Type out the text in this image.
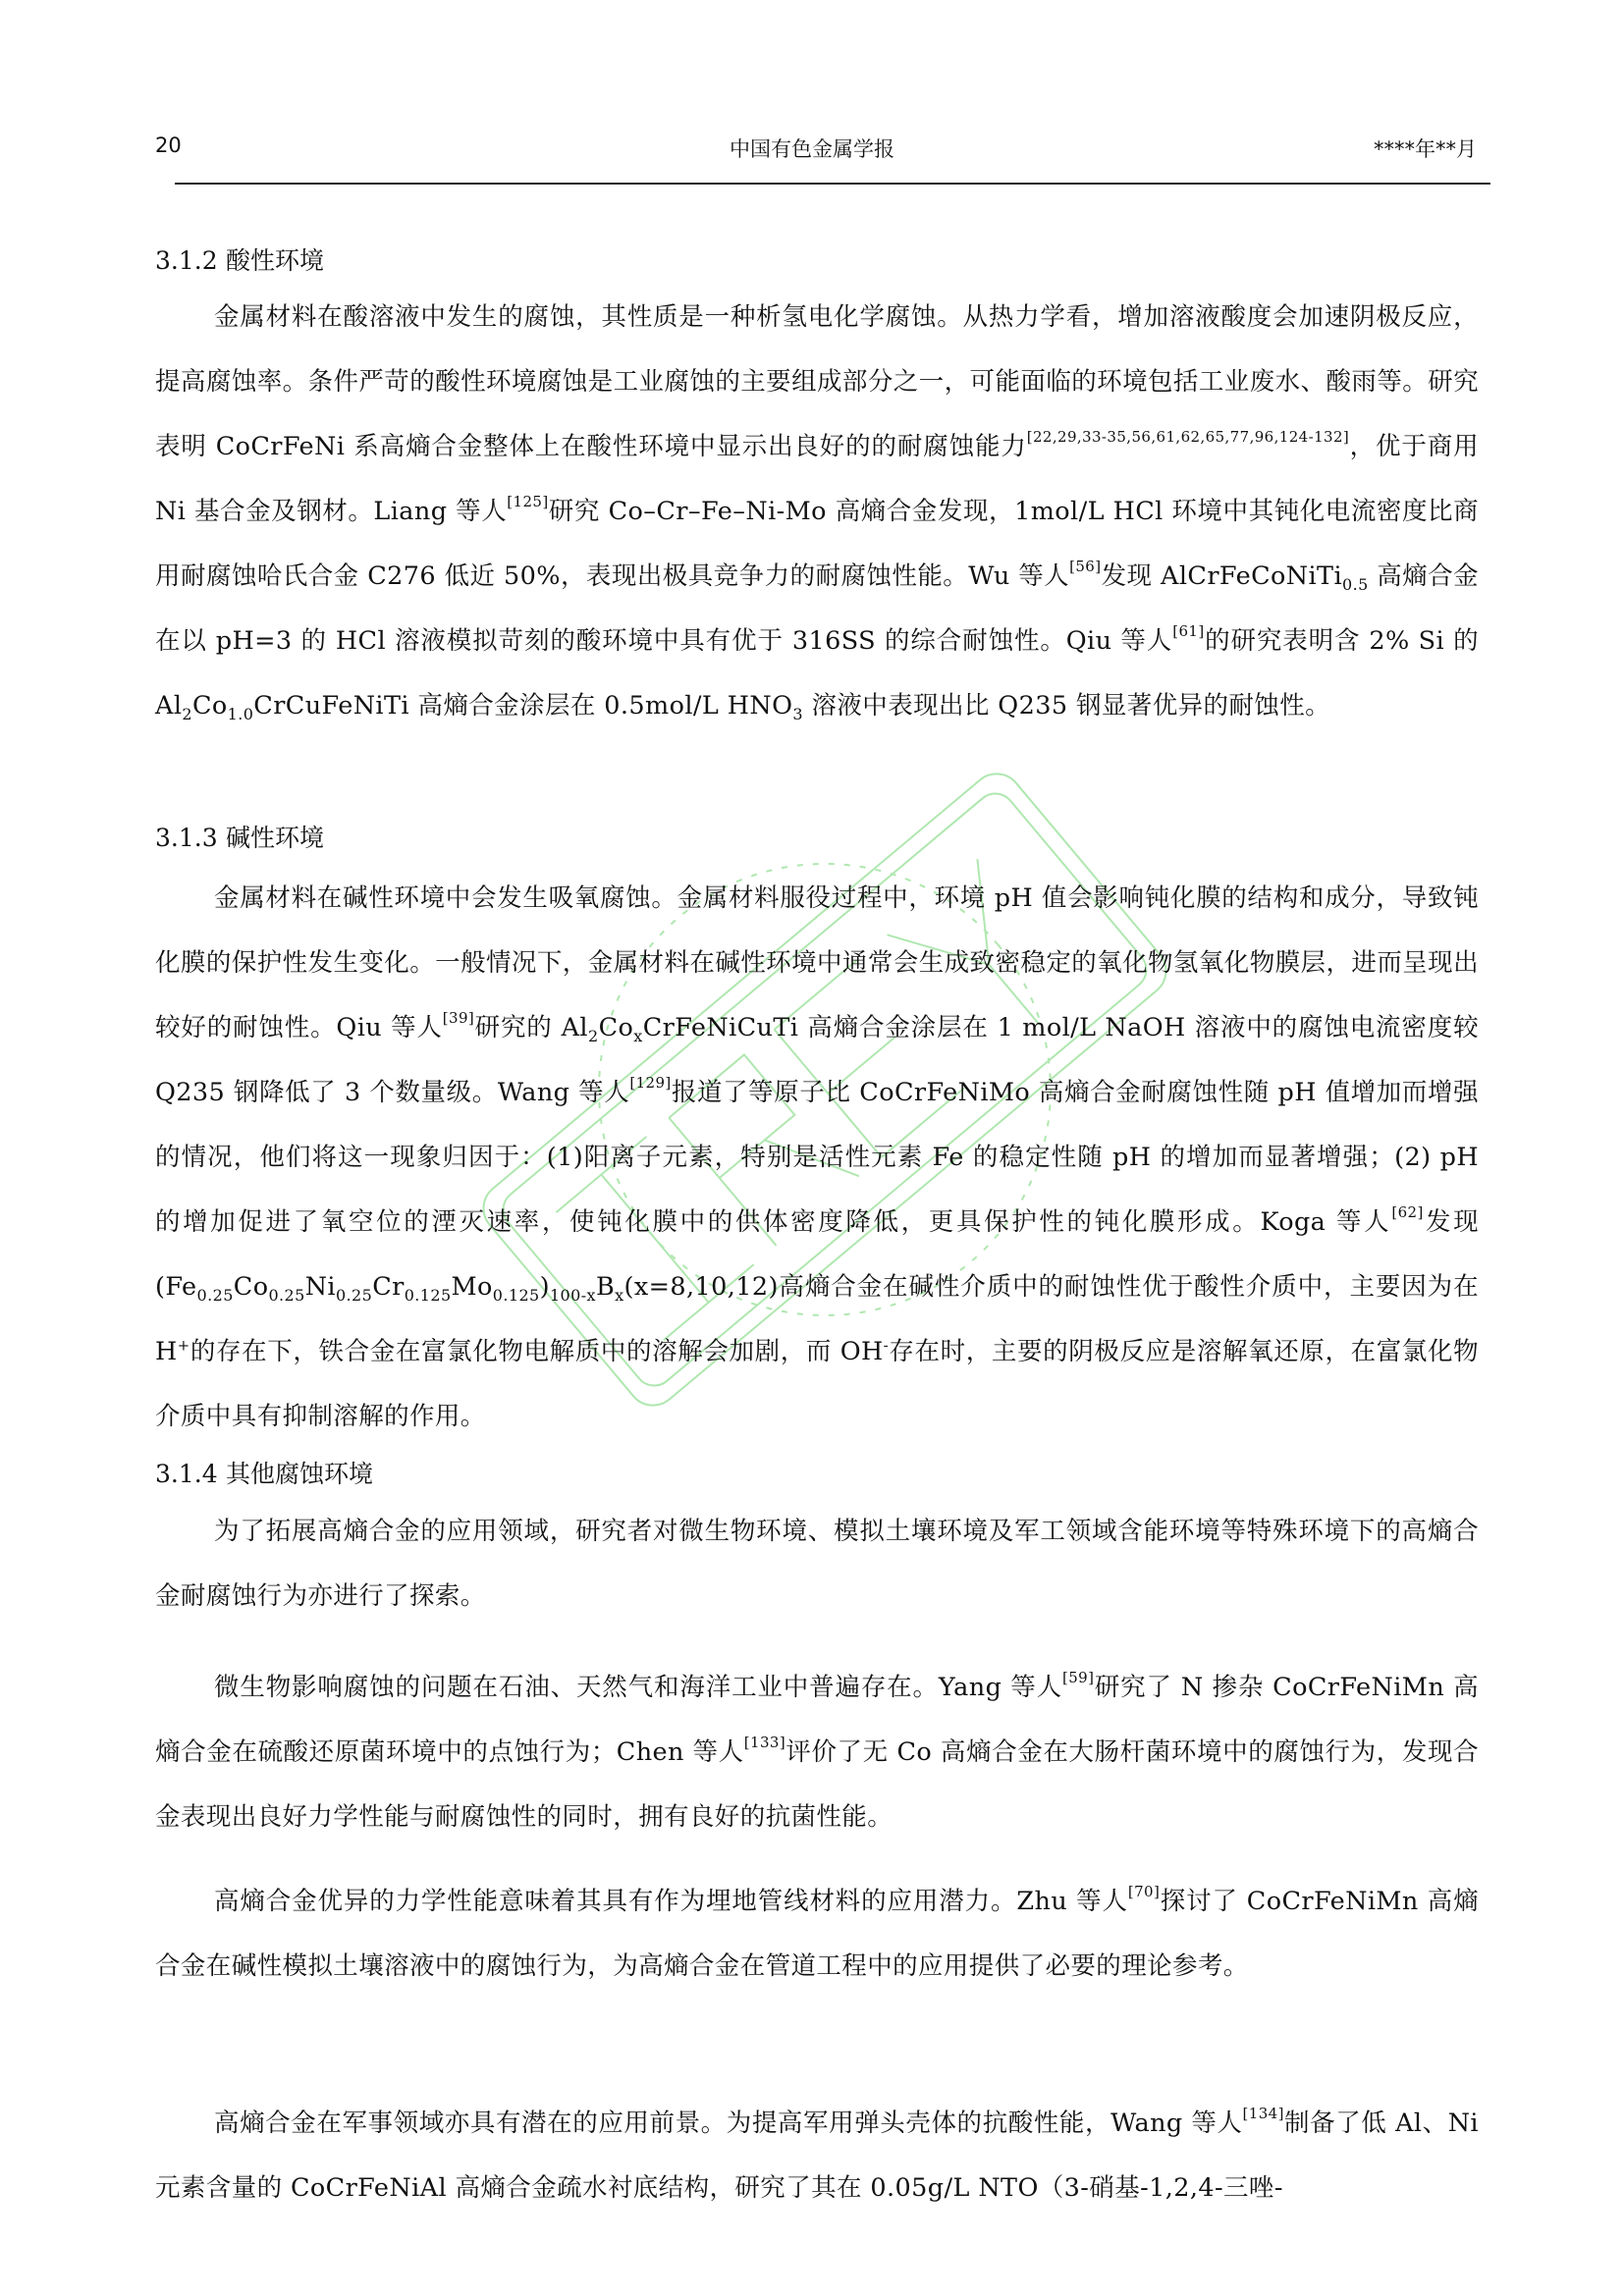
20	中国有色金属学报	****年**月
3.1.2 酸性环境

金属材料在酸溶液中发生的腐蚀，其性质是一种析氢电化学腐蚀。从热力学看，增加溶液酸度会加速阴极反应，提高腐蚀率。条件严苛的酸性环境腐蚀是工业腐蚀的主要组成部分之一，可能面临的环境包括工业废水、酸雨等。研究表明 CoCrFeNi 系高熵合金整体上在酸性环境中显示出良好的的耐腐蚀能力[22,29,33-35,56,61,62,65,77,96,124-132]，优于商用 Ni 基合金及钢材。Liang 等人[125]研究 Co–Cr–Fe–Ni-Mo 高熵合金发现，1mol/L HCl 环境中其钝化电流密度比商用耐腐蚀哈氏合金 C276 低近 50%，表现出极具竞争力的耐腐蚀性能。Wu 等人[56]发现 AlCrFeCoNiTi$_{0.5}$ 高熵合金在以 pH=3 的 HCl 溶液模拟苛刻的酸环境中具有优于 316SS 的综合耐蚀性。Qiu 等人[61]的研究表明含 2% Si 的 $Al_2Co_{1.0}CrCuFeNiTi$ 高熵合金涂层在 0.5mol/L $HNO_3$ 溶液中表现出比 Q235 钢显著优异的耐蚀性。

3.1.3 碱性环境

金属材料在碱性环境中会发生吸氧腐蚀。金属材料服役过程中，环境 pH 值会影响钝化膜的结构和成分，导致钝化膜的保护性发生变化。一般情况下，金属材料在碱性环境中通常会生成致密稳定的氧化物氢氧化物膜层，进而呈现出较好的耐蚀性。Qiu 等人[39]研究的 $Al_2Co_xCrFeNiCuTi$ 高熵合金涂层在 1 mol/L NaOH 溶液中的腐蚀电流密度较 Q235 钢降低了 3 个数量级。Wang 等人[129]报道了等原子比 CoCrFeNiMo 高熵合金耐腐蚀性随 pH 值增加而增强的情况，他们将这一现象归因于：(1)阳离子元素，特别是活性元素 Fe 的稳定性随 pH 的增加而显著增强；(2) pH 的增加促进了氧空位的湮灭速率，使钝化膜中的供体密度降低，更具保护性的钝化膜形成。Koga 等人[62]发现$(Fe_{0.25}Co_{0.25}Ni_{0.25}Cr_{0.125}Mo_{0.125})_{100-x}B_x(x=8,10,12)$高熵合金在碱性介质中的耐蚀性优于酸性介质中，主要因为在 H+的存在下，铁合金在富氯化物电解质中的溶解会加剧，而 OH-存在时，主要的阴极反应是溶解氧还原，在富氯化物介质中具有抑制溶解的作用。

3.1.4 其他腐蚀环境

为了拓展高熵合金的应用领域，研究者对微生物环境、模拟土壤环境及军工领域含能环境等特殊环境下的高熵合金耐腐蚀行为亦进行了探索。

微生物影响腐蚀的问题在石油、天然气和海洋工业中普遍存在。Yang 等人[59]研究了 N 掺杂 CoCrFeNiMn 高熵合金在硫酸还原菌环境中的点蚀行为；Chen 等人[133]评价了无 Co 高熵合金在大肠杆菌环境中的腐蚀行为，发现合金表现出良好力学性能与耐腐蚀性的同时，拥有良好的抗菌性能。

高熵合金优异的力学性能意味着其具有作为埋地管线材料的应用潜力。Zhu 等人[70]探讨了 CoCrFeNiMn 高熵合金在碱性模拟土壤溶液中的腐蚀行为，为高熵合金在管道工程中的应用提供了必要的理论参考。

高熵合金在军事领域亦具有潜在的应用前景。为提高军用弹头壳体的抗酸性能，Wang 等人[134]制备了低 Al、Ni 元素含量的 CoCrFeNiAl 高熵合金疏水衬底结构，研究了其在 0.05g/L NTO（3-硝基-1,2,4-三唑-
